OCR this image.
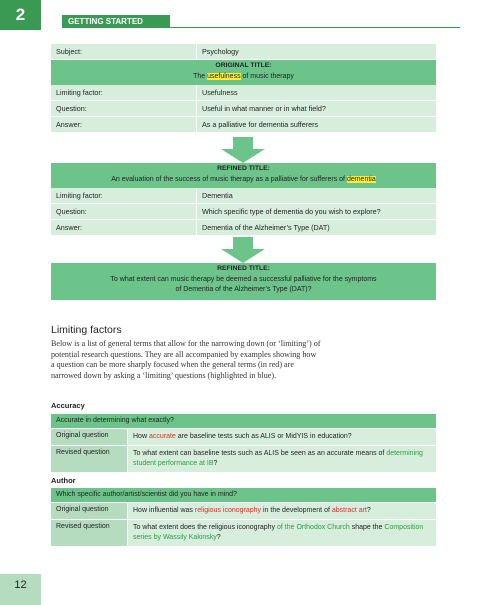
2	GETTING STARTED
12
Subject:	Psychology
ORIGINAL TITLE:
The usefulness of music therapy
Limiting factor:	Usefulness
Question:	Useful in what manner or in what field?
Answer:	As a palliative for dementia sufferers
REFINED TITLE:
An evaluation of the success of music therapy as a palliative for sufferers of dementia
Limiting factor:	Dementia
Question:	Which specific type of dementia do you wish to explore?
Answer:	Dementia of the Alzheimer’s Type (DAT)
REFINED TITLE:
To what extent can music therapy be deemed a successful palliative for the symptoms
of Dementia of the Alzheimer’s Type (DAT)?
Limiting factors
Below is a list of general terms that allow for the narrowing down (or ‘limiting’) of potential research questions. They are all accompanied by examples showing how a question can be more sharply focused when the general terms (in red) are narrowed down by asking a ‘limiting’ questions (highlighted in blue).
Accuracy
Accurate in determining what exactly?
Original question	How accurate are baseline tests such as ALIS or MidYIS in education?
Revised question	To what extent can baseline tests such as ALIS be seen as an accurate means of determining student performance at IB?
Author
Which specific author/artist/scientist did you have in mind?
Original question	How influential was religious iconography in the development of abstract art?
Revised question	To what extent does the religious iconography of the Orthodox Church shape the Composition series by Wassily Kakinsky?
